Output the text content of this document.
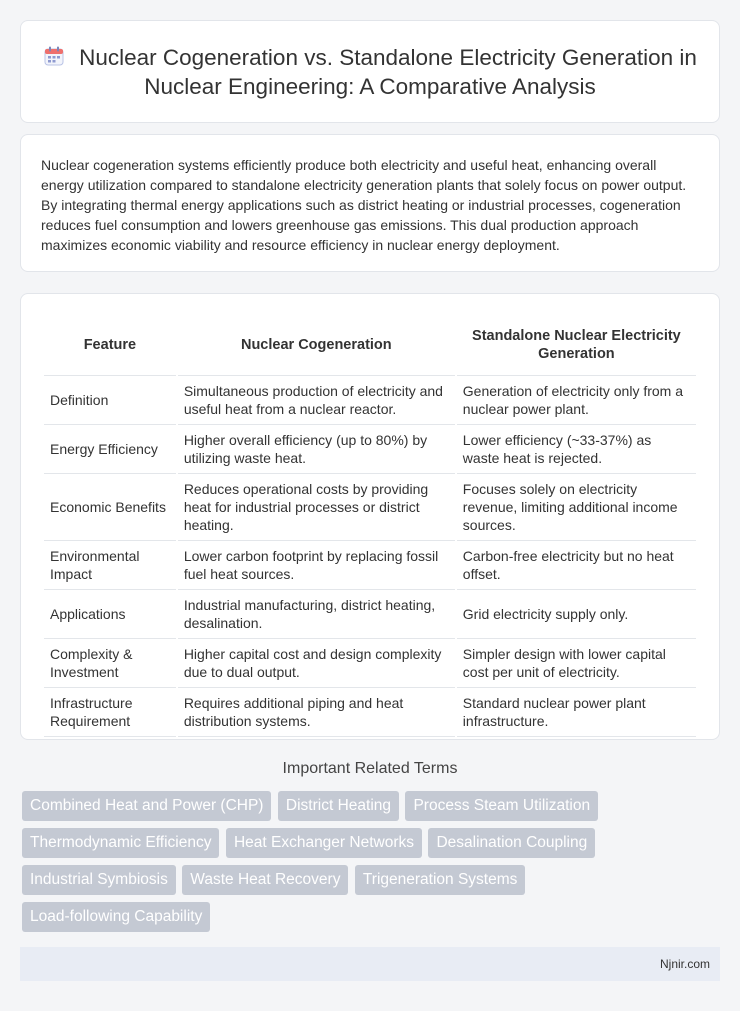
Nuclear Cogeneration vs. Standalone Electricity Generation in Nuclear Engineering: A Comparative Analysis

Nuclear cogeneration systems efficiently produce both electricity and useful heat, enhancing overall energy utilization compared to standalone electricity generation plants that solely focus on power output. By integrating thermal energy applications such as district heating or industrial processes, cogeneration reduces fuel consumption and lowers greenhouse gas emissions. This dual production approach maximizes economic viability and resource efficiency in nuclear energy deployment.

Feature	Nuclear Cogeneration	Standalone Nuclear Electricity Generation
Definition	Simultaneous production of electricity and useful heat from a nuclear reactor.	Generation of electricity only from a nuclear power plant.
Energy Efficiency	Higher overall efficiency (up to 80%) by utilizing waste heat.	Lower efficiency (~33-37%) as waste heat is rejected.
Economic Benefits	Reduces operational costs by providing heat for industrial processes or district heating.	Focuses solely on electricity revenue, limiting additional income sources.
Environmental Impact	Lower carbon footprint by replacing fossil fuel heat sources.	Carbon-free electricity but no heat offset.
Applications	Industrial manufacturing, district heating, desalination.	Grid electricity supply only.
Complexity & Investment	Higher capital cost and design complexity due to dual output.	Simpler design with lower capital cost per unit of electricity.
Infrastructure Requirement	Requires additional piping and heat distribution systems.	Standard nuclear power plant infrastructure.
Important Related Terms
Combined Heat and Power (CHP) District Heating Process Steam Utilization Thermodynamic Efficiency Heat Exchanger Networks Desalination Coupling Industrial Symbiosis Waste Heat Recovery Trigeneration Systems Load-following Capability
Njnir.com
